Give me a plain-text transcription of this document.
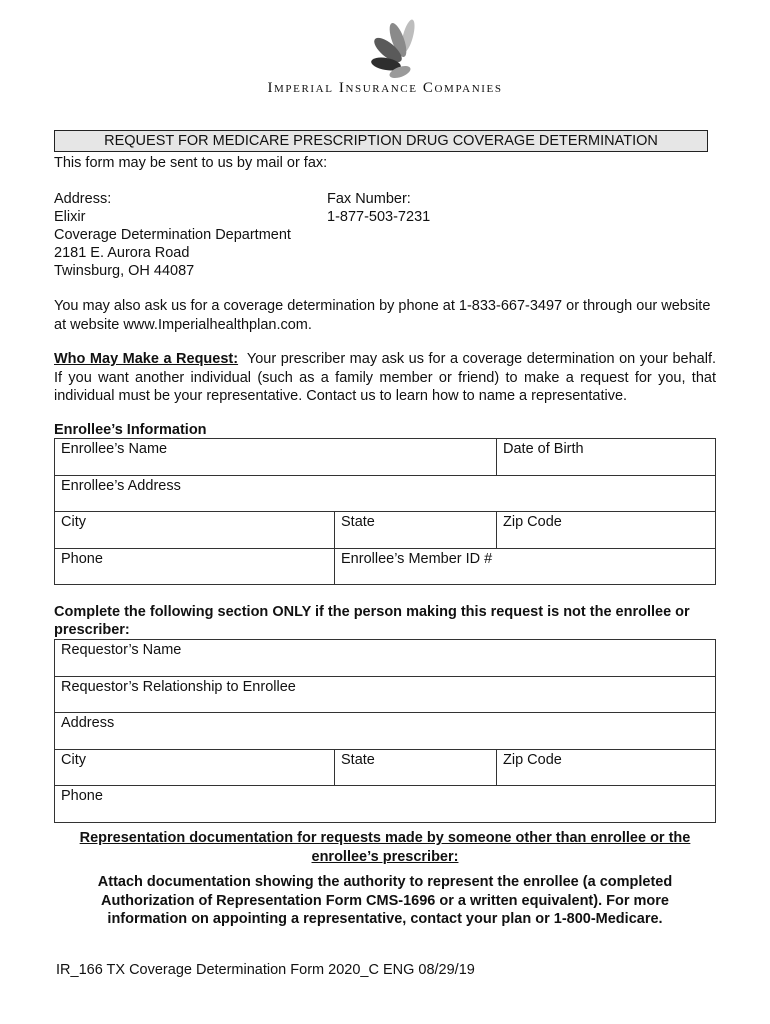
Imperial Insurance Companies
REQUEST FOR MEDICARE PRESCRIPTION DRUG COVERAGE DETERMINATION
This form may be sent to us by mail or fax:
Address:
Elixir
Coverage Determination Department
2181 E. Aurora Road
Twinsburg, OH 44087
Fax Number:
1-877-503-7231
You may also ask us for a coverage determination by phone at 1-833-667-3497 or through our website at website www.Imperialhealthplan.com.
Who May Make a Request: Your prescriber may ask us for a coverage determination on your behalf. If you want another individual (such as a family member or friend) to make a request for you, that individual must be your representative. Contact us to learn how to name a representative.
Enrollee’s Information
Enrollee’s Name	Date of Birth
Enrollee’s Address
City	State	Zip Code
Phone	Enrollee’s Member ID #
Complete the following section ONLY if the person making this request is not the enrollee or prescriber:
Requestor’s Name
Requestor’s Relationship to Enrollee
Address
City	State	Zip Code
Phone
Representation documentation for requests made by someone other than enrollee or the
enrollee’s prescriber:
Attach documentation showing the authority to represent the enrollee (a completed
Authorization of Representation Form CMS-1696 or a written equivalent). For more
information on appointing a representative, contact your plan or 1-800-Medicare.
IR_166 TX Coverage Determination Form 2020_C ENG 08/29/19
